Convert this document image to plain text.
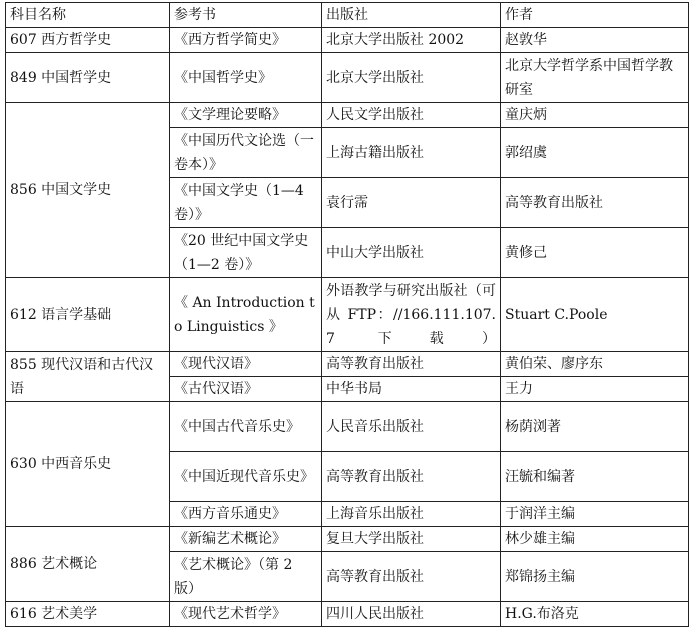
科目名称	参考书	出版社	作者
607 西方哲学史	《西方哲学简史》	北京大学出版社 2002	赵敦华
849 中国哲学史	《中国哲学史》	北京大学出版社	北京大学哲学系中国哲学教研室
856 中国文学史	《文学理论要略》	人民文学出版社	童庆炳
	《中国历代文论选（一卷本）》	上海古籍出版社	郭绍虞
	《中国文学史（1—4 卷）》	袁行霈	高等教育出版社
	《20 世纪中国文学史（1—2 卷）》	中山大学出版社	黄修己
612 语言学基础	《 An Introduction to Linguistics 》	外语教学与研究出版社（可从 FTP：//166.111.107.7 下载）	Stuart C.Poole
855 现代汉语和古代汉语	《现代汉语》	高等教育出版社	黄伯荣、廖序东
	《古代汉语》	中华书局	王力
630 中西音乐史	《中国古代音乐史》	人民音乐出版社	杨荫浏著
	《中国近现代音乐史》	高等教育出版社	汪毓和编著
	《西方音乐通史》	上海音乐出版社	于润洋主编
886 艺术概论	《新编艺术概论》	复旦大学出版社	林少雄主编
	《艺术概论》（第 2 版）	高等教育出版社	郑锦扬主编
616 艺术美学	《现代艺术哲学》	四川人民出版社	H.G.布洛克
